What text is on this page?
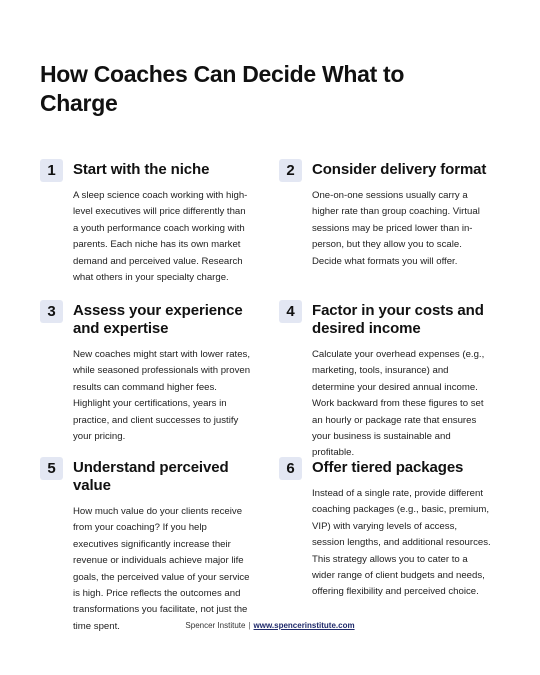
How Coaches Can Decide What to Charge
1	Start with the niche

A sleep science coach working with high-level executives will price differently than a youth performance coach working with parents. Each niche has its own market demand and perceived value. Research what others in your specialty charge.

2	Consider delivery format

One-on-one sessions usually carry a higher rate than group coaching. Virtual sessions may be priced lower than in-person, but they allow you to scale. Decide what formats you will offer.

3	Assess your experience and expertise

New coaches might start with lower rates, while seasoned professionals with proven results can command higher fees. Highlight your certifications, years in practice, and client successes to justify your pricing.

4	Factor in your costs and desired income

Calculate your overhead expenses (e.g., marketing, tools, insurance) and determine your desired annual income. Work backward from these figures to set an hourly or package rate that ensures your business is sustainable and profitable.

5	Understand perceived value

How much value do your clients receive from your coaching? If you help executives significantly increase their revenue or individuals achieve major life goals, the perceived value of your service is high. Price reflects the outcomes and transformations you facilitate, not just the time spent.

6	Offer tiered packages

Instead of a single rate, provide different coaching packages (e.g., basic, premium, VIP) with varying levels of access, session lengths, and additional resources. This strategy allows you to cater to a wider range of client budgets and needs, offering flexibility and perceived choice.

Spencer Institute | www.spencerinstitute.com
